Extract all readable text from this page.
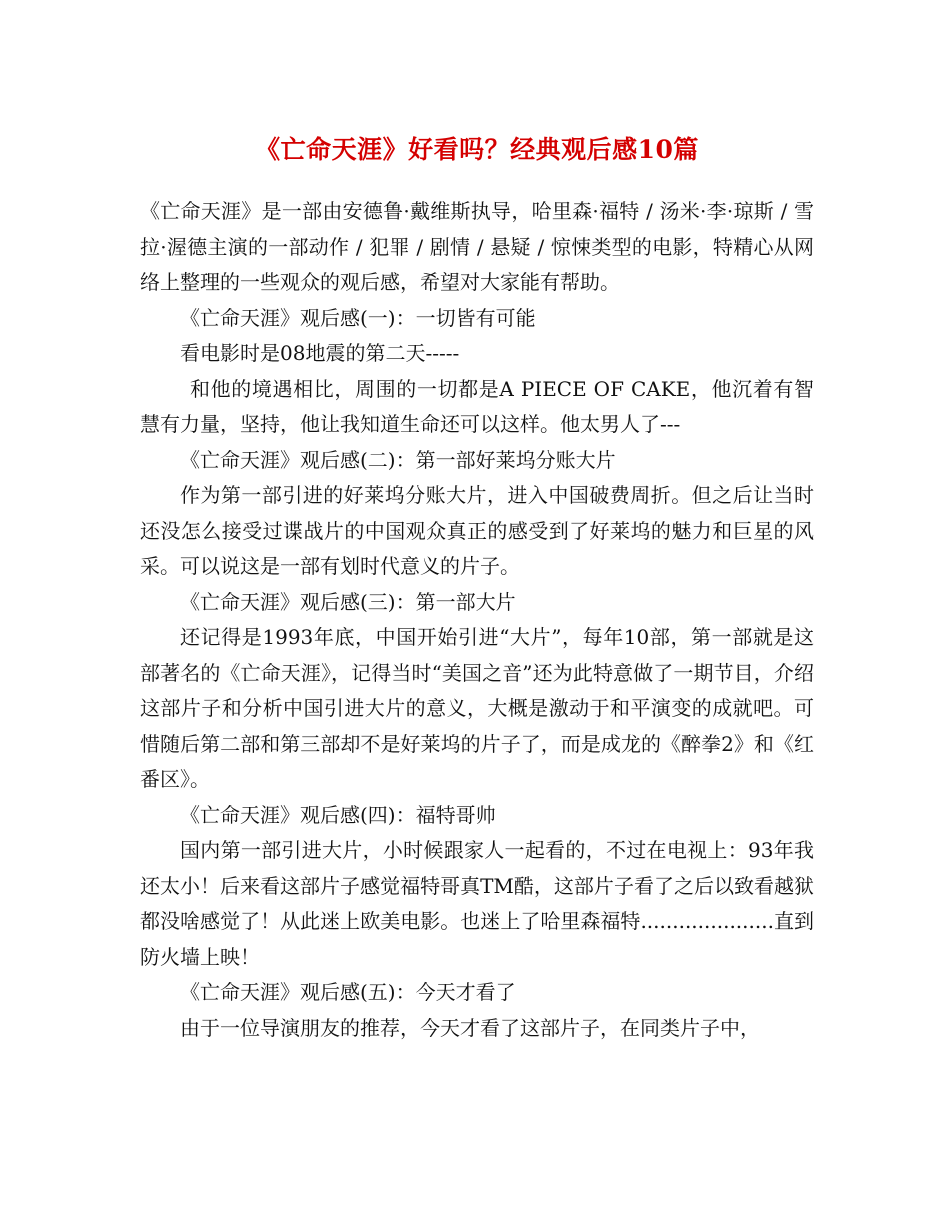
《亡命天涯》好看吗？经典观后感10篇

《亡命天涯》是一部由安德鲁·戴维斯执导，哈里森·福特 / 汤米·李·琼斯 / 雪拉·渥德主演的一部动作 / 犯罪 / 剧情 / 悬疑 / 惊悚类型的电影，特精心从网络上整理的一些观众的观后感，希望对大家能有帮助。

《亡命天涯》观后感(一)：一切皆有可能

看电影时是08地震的第二天-----

和他的境遇相比，周围的一切都是A PIECE OF CAKE，他沉着有智慧有力量，坚持，他让我知道生命还可以这样。他太男人了---

《亡命天涯》观后感(二)：第一部好莱坞分账大片

作为第一部引进的好莱坞分账大片，进入中国破费周折。但之后让当时还没怎么接受过谍战片的中国观众真正的感受到了好莱坞的魅力和巨星的风采。可以说这是一部有划时代意义的片子。

《亡命天涯》观后感(三)：第一部大片

还记得是1993年底，中国开始引进“大片”，每年10部，第一部就是这部著名的《亡命天涯》，记得当时“美国之音”还为此特意做了一期节目，介绍这部片子和分析中国引进大片的意义，大概是激动于和平演变的成就吧。可惜随后第二部和第三部却不是好莱坞的片子了，而是成龙的《醉拳2》和《红番区》。

《亡命天涯》观后感(四)：福特哥帅

国内第一部引进大片，小时候跟家人一起看的，不过在电视上：93年我还太小！后来看这部片子感觉福特哥真TM酷，这部片子看了之后以致看越狱都没啥感觉了！从此迷上欧美电影。也迷上了哈里森福特.....................直到防火墙上映！

《亡命天涯》观后感(五)：今天才看了

由于一位导演朋友的推荐，今天才看了这部片子，在同类片子中，
